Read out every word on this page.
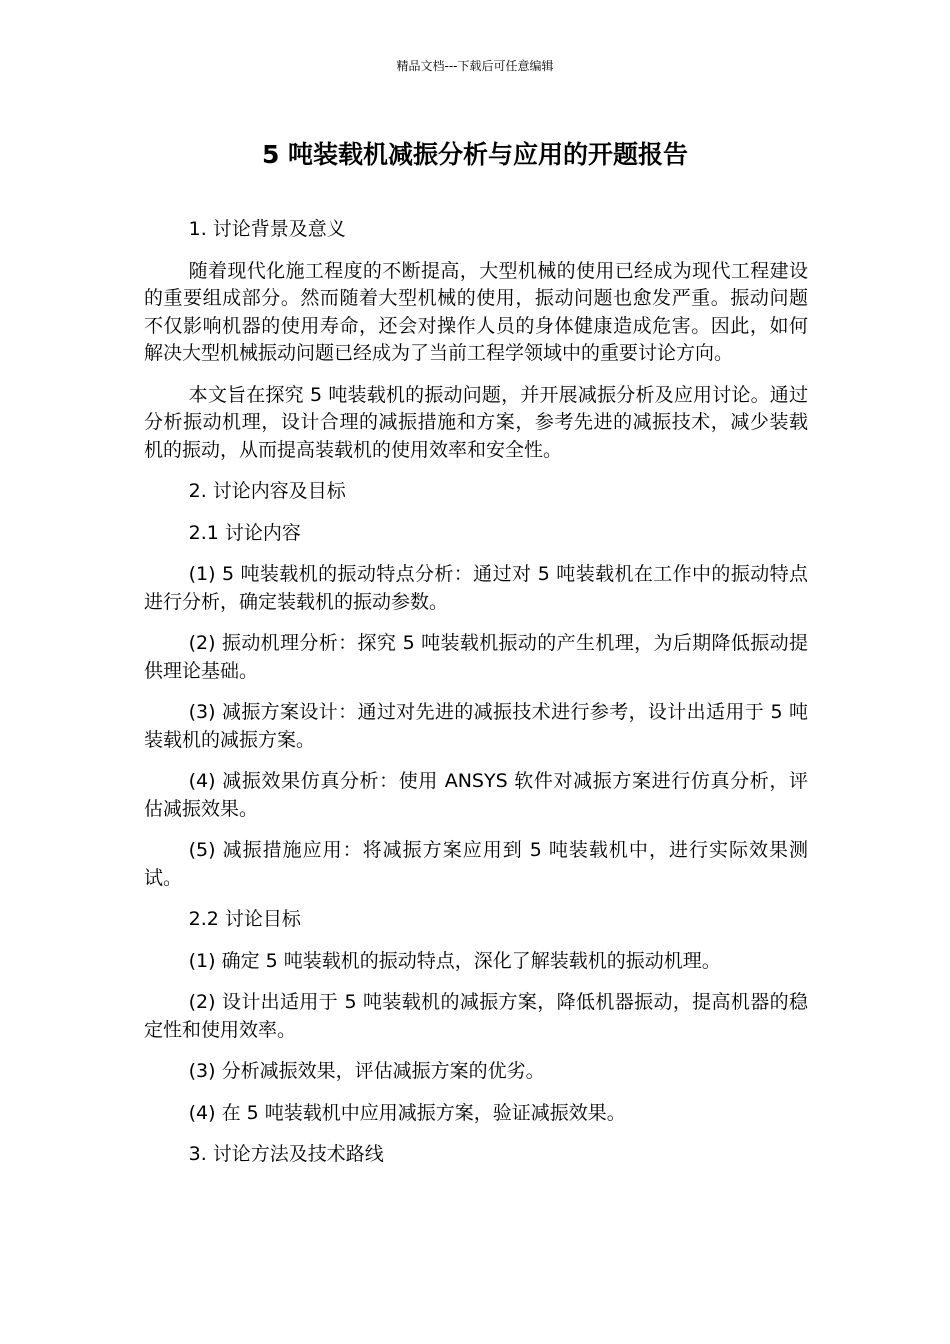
精品文档---下载后可任意编辑
5 吨装载机减振分析与应用的开题报告

1. 讨论背景及意义

随着现代化施工程度的不断提高，大型机械的使用已经成为现代工程建设的重要组成部分。然而随着大型机械的使用，振动问题也愈发严重。振动问题不仅影响机器的使用寿命，还会对操作人员的身体健康造成危害。因此，如何解决大型机械振动问题已经成为了当前工程学领域中的重要讨论方向。

本文旨在探究 5 吨装载机的振动问题，并开展减振分析及应用讨论。通过分析振动机理，设计合理的减振措施和方案，参考先进的减振技术，减少装载机的振动，从而提高装载机的使用效率和安全性。

2. 讨论内容及目标

2.1 讨论内容

(1) 5 吨装载机的振动特点分析：通过对 5 吨装载机在工作中的振动特点进行分析，确定装载机的振动参数。

(2) 振动机理分析：探究 5 吨装载机振动的产生机理，为后期降低振动提供理论基础。

(3) 减振方案设计：通过对先进的减振技术进行参考，设计出适用于 5 吨装载机的减振方案。

(4) 减振效果仿真分析：使用 ANSYS 软件对减振方案进行仿真分析，评估减振效果。

(5) 减振措施应用：将减振方案应用到 5 吨装载机中，进行实际效果测试。

2.2 讨论目标

(1) 确定 5 吨装载机的振动特点，深化了解装载机的振动机理。

(2) 设计出适用于 5 吨装载机的减振方案，降低机器振动，提高机器的稳定性和使用效率。

(3) 分析减振效果，评估减振方案的优劣。

(4) 在 5 吨装载机中应用减振方案，验证减振效果。

3. 讨论方法及技术路线
